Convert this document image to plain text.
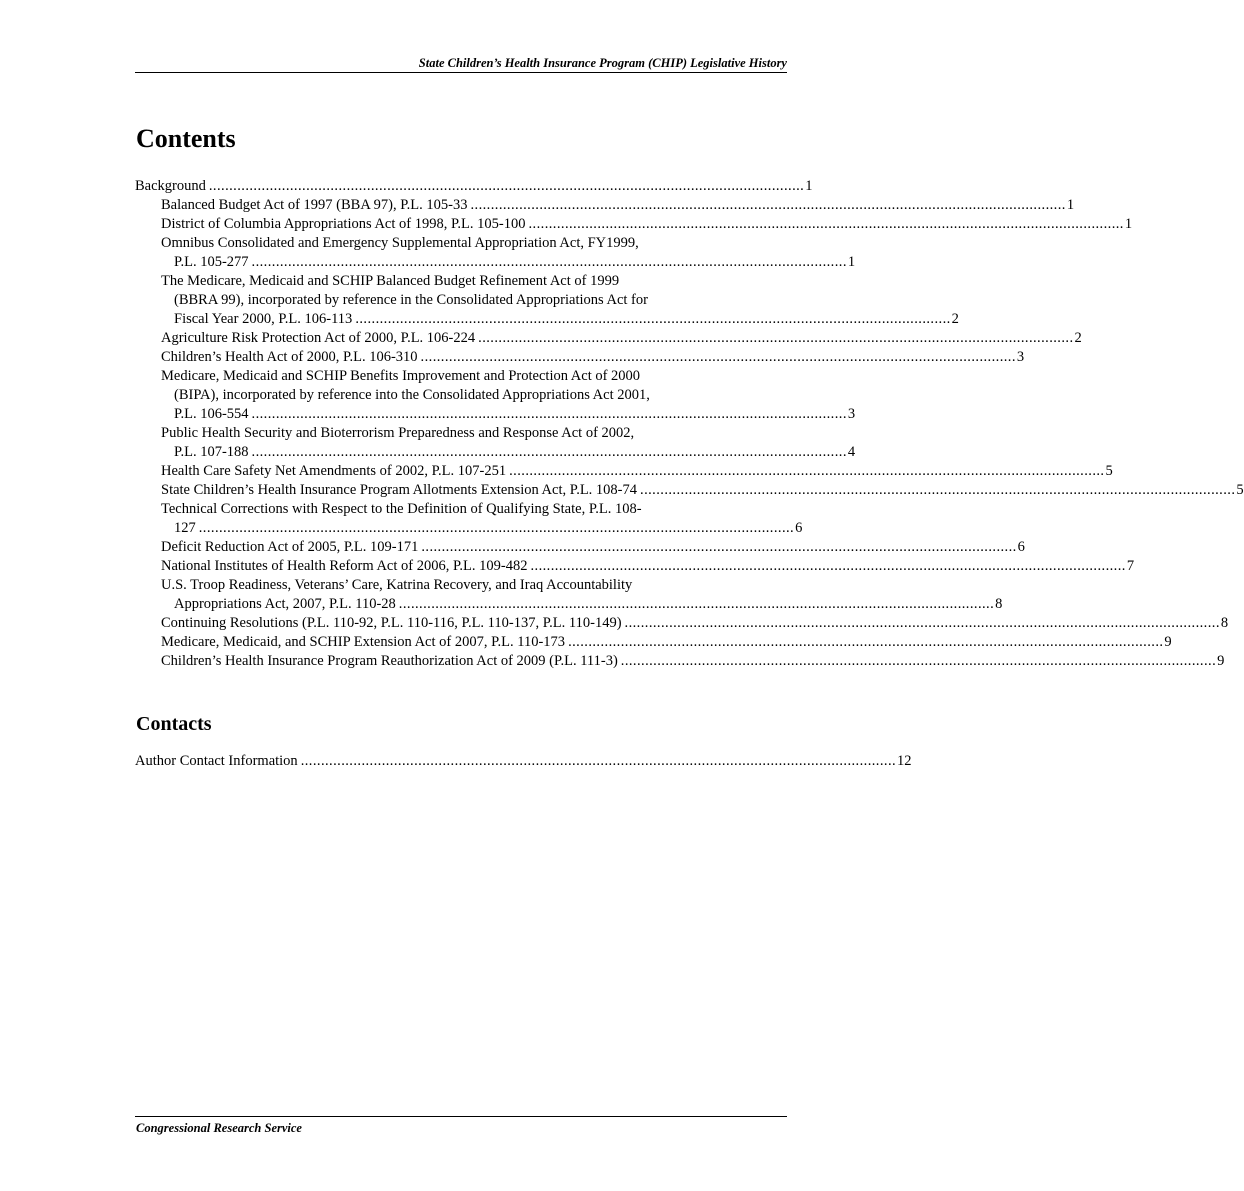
State Children’s Health Insurance Program (CHIP) Legislative History
Contents
Background . . .	1
Balanced Budget Act of 1997 (BBA 97), P.L. 105-33 . . .	1
District of Columbia Appropriations Act of 1998, P.L. 105-100 . . .	1
Omnibus Consolidated and Emergency Supplemental Appropriation Act, FY1999,
P.L. 105-277 . . .	1
The Medicare, Medicaid and SCHIP Balanced Budget Refinement Act of 1999
(BBRA 99), incorporated by reference in the Consolidated Appropriations Act for
Fiscal Year 2000, P.L. 106-113 . . .	2
Agriculture Risk Protection Act of 2000, P.L. 106-224 . . .	2
Children’s Health Act of 2000, P.L. 106-310 . . .	3
Medicare, Medicaid and SCHIP Benefits Improvement and Protection Act of 2000
(BIPA), incorporated by reference into the Consolidated Appropriations Act 2001,
P.L. 106-554 . . .	3
Public Health Security and Bioterrorism Preparedness and Response Act of 2002,
P.L. 107-188 . . .	4
Health Care Safety Net Amendments of 2002, P.L. 107-251 . . .	5
State Children’s Health Insurance Program Allotments Extension Act, P.L. 108-74 . . .	5
Technical Corrections with Respect to the Definition of Qualifying State, P.L. 108-
127 . . .	6
Deficit Reduction Act of 2005, P.L. 109-171 . . .	6
National Institutes of Health Reform Act of 2006, P.L. 109-482 . . .	7
U.S. Troop Readiness, Veterans’ Care, Katrina Recovery, and Iraq Accountability
Appropriations Act, 2007, P.L. 110-28 . . .	8
Continuing Resolutions (P.L. 110-92, P.L. 110-116, P.L. 110-137, P.L. 110-149) . . .	8
Medicare, Medicaid, and SCHIP Extension Act of 2007, P.L. 110-173 . . .	9
Children’s Health Insurance Program Reauthorization Act of 2009 (P.L. 111-3) . . .	9
Contacts
Author Contact Information . . .	12
Congressional Research Service
